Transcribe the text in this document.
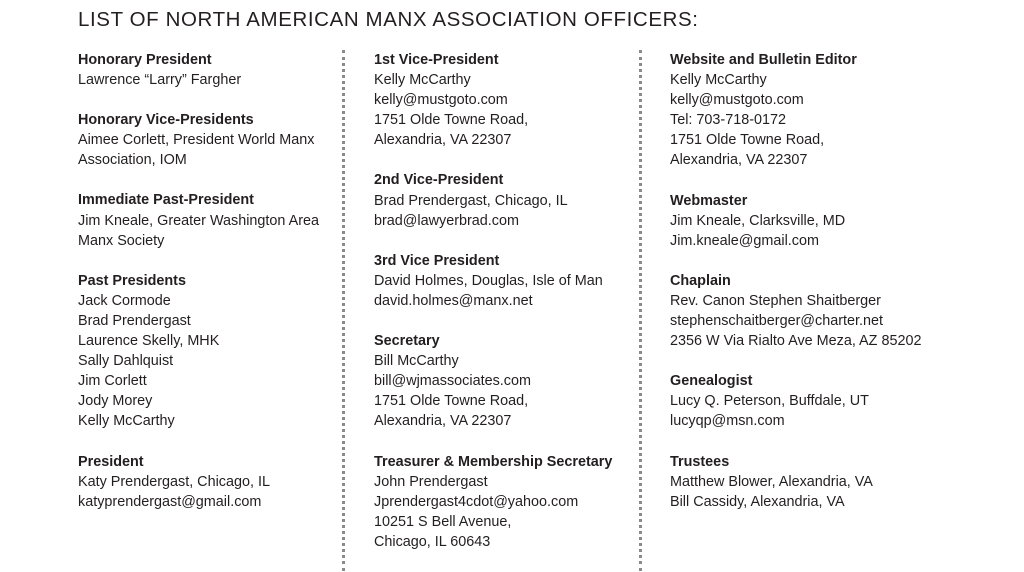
LIST OF NORTH AMERICAN MANX ASSOCIATION OFFICERS:
Honorary President
Lawrence “Larry” Fargher
Honorary Vice-Presidents
Aimee Corlett, President World Manx
Association, IOM
Immediate Past-President
Jim Kneale, Greater Washington Area
Manx Society
Past Presidents
Jack Cormode
Brad Prendergast
Laurence Skelly, MHK
Sally Dahlquist
Jim Corlett
Jody Morey
Kelly McCarthy
President
Katy Prendergast, Chicago, IL
katyprendergast@gmail.com
1st Vice-President
Kelly McCarthy
kelly@mustgoto.com
1751 Olde Towne Road,
Alexandria, VA 22307
2nd Vice-President
Brad Prendergast, Chicago, IL
brad@lawyerbrad.com
3rd Vice President
David Holmes, Douglas, Isle of Man
david.holmes@manx.net
Secretary
Bill McCarthy
bill@wjmassociates.com
1751 Olde Towne Road,
Alexandria, VA 22307
Treasurer & Membership Secretary
John Prendergast
Jprendergast4cdot@yahoo.com
10251 S Bell Avenue,
Chicago, IL 60643
Website and Bulletin Editor
Kelly McCarthy
kelly@mustgoto.com
Tel: 703-718-0172
1751 Olde Towne Road,
Alexandria, VA 22307
Webmaster
Jim Kneale, Clarksville, MD
Jim.kneale@gmail.com
Chaplain
Rev. Canon Stephen Shaitberger
stephenschaitberger@charter.net
2356 W Via Rialto Ave Meza, AZ 85202
Genealogist
Lucy Q. Peterson, Buffdale, UT
lucyqp@msn.com
Trustees
Matthew Blower, Alexandria, VA
Bill Cassidy, Alexandria, VA
